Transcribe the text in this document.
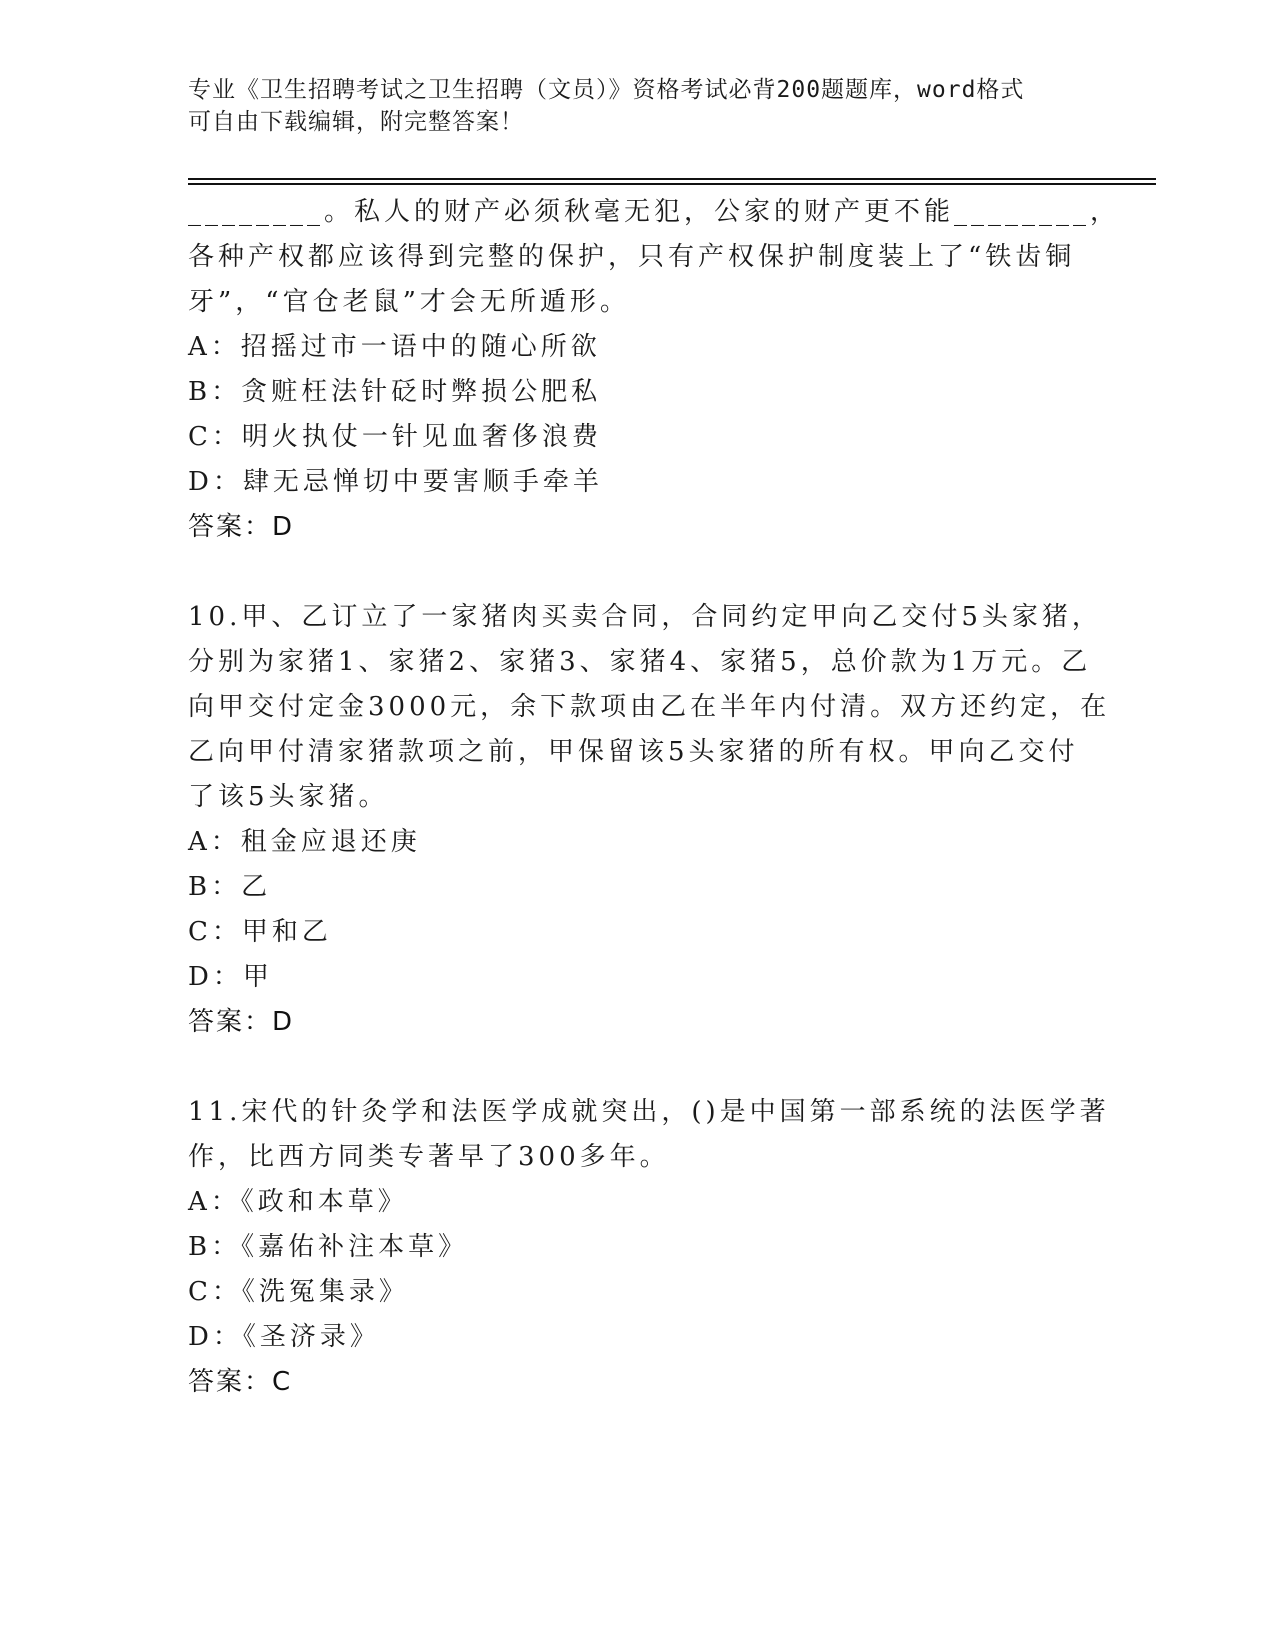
专业《卫生招聘考试之卫生招聘（文员）》资格考试必背200题题库，word格式
可自由下载编辑，附完整答案！
________。私人的财产必须秋毫无犯，公家的财产更不能________，
各种产权都应该得到完整的保护，只有产权保护制度装上了“铁齿铜
牙”，“官仓老鼠”才会无所遁形。
A：招摇过市一语中的随心所欲
B：贪赃枉法针砭时弊损公肥私
C：明火执仗一针见血奢侈浪费
D：肆无忌惮切中要害顺手牵羊
答案：D
10.甲、乙订立了一家猪肉买卖合同，合同约定甲向乙交付5头家猪，
分别为家猪1、家猪2、家猪3、家猪4、家猪5，总价款为1万元。乙
向甲交付定金3000元，余下款项由乙在半年内付清。双方还约定，在
乙向甲付清家猪款项之前，甲保留该5头家猪的所有权。甲向乙交付
了该5头家猪。
A：租金应退还庚
B：乙
C：甲和乙
D：甲
答案：D
11.宋代的针灸学和法医学成就突出，()是中国第一部系统的法医学著
作，比西方同类专著早了300多年。
A：《政和本草》
B：《嘉佑补注本草》
C：《洗冤集录》
D：《圣济录》
答案：C
